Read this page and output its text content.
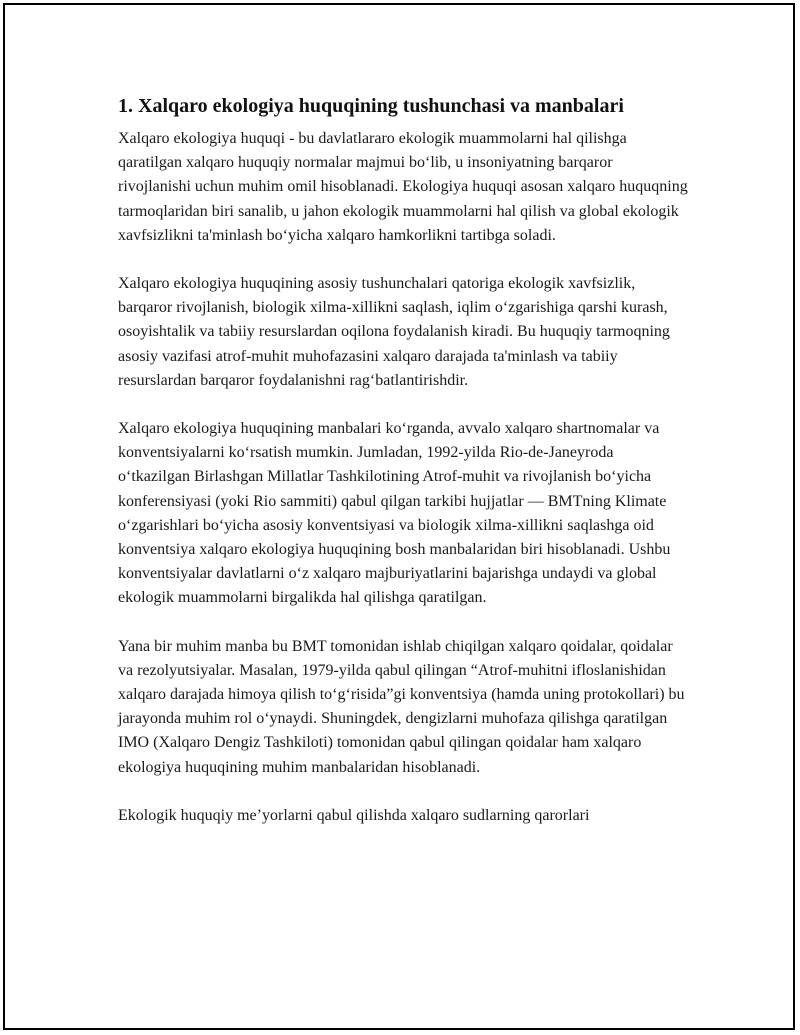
1. Xalqaro ekologiya huquqining tushunchasi va manbalari

Xalqaro ekologiya huquqi - bu davlatlararo ekologik muammolarni hal qilishga qaratilgan xalqaro huquqiy normalar majmui bo‘lib, u insoniyatning barqaror rivojlanishi uchun muhim omil hisoblanadi. Ekologiya huquqi asosan xalqaro huquqning tarmoqlaridan biri sanalib, u jahon ekologik muammolarni hal qilish va global ekologik xavfsizlikni ta'minlash bo‘yicha xalqaro hamkorlikni tartibga soladi.

Xalqaro ekologiya huquqining asosiy tushunchalari qatoriga ekologik xavfsizlik, barqaror rivojlanish, biologik xilma-xillikni saqlash, iqlim o‘zgarishiga qarshi kurash, osoyishtalik va tabiiy resurslardan oqilona foydalanish kiradi. Bu huquqiy tarmoqning asosiy vazifasi atrof-muhit muhofazasini xalqaro darajada ta'minlash va tabiiy resurslardan barqaror foydalanishni rag‘batlantirishdir.

Xalqaro ekologiya huquqining manbalari ko‘rganda, avvalo xalqaro shartnomalar va konventsiyalarni ko‘rsatish mumkin. Jumladan, 1992-yilda Rio-de-Janeyroda o‘tkazilgan Birlashgan Millatlar Tashkilotining Atrof-muhit va rivojlanish bo‘yicha konferensiyasi (yoki Rio sammiti) qabul qilgan tarkibi hujjatlar — BMTning Klimate o‘zgarishlari bo‘yicha asosiy konventsiyasi va biologik xilma-xillikni saqlashga oid konventsiya xalqaro ekologiya huquqining bosh manbalaridan biri hisoblanadi. Ushbu konventsiyalar davlatlarni o‘z xalqaro majburiyatlarini bajarishga undaydi va global ekologik muammolarni birgalikda hal qilishga qaratilgan.

Yana bir muhim manba bu BMT tomonidan ishlab chiqilgan xalqaro qoidalar, qoidalar va rezolyutsiyalar. Masalan, 1979-yilda qabul qilingan “Atrof-muhitni ifloslanishidan xalqaro darajada himoya qilish to‘g‘risida”gi konventsiya (hamda uning protokollari) bu jarayonda muhim rol o‘ynaydi. Shuningdek, dengizlarni muhofaza qilishga qaratilgan IMO (Xalqaro Dengiz Tashkiloti) tomonidan qabul qilingan qoidalar ham xalqaro ekologiya huquqining muhim manbalaridan hisoblanadi.

Ekologik huquqiy me’yorlarni qabul qilishda xalqaro sudlarning qarorlari
